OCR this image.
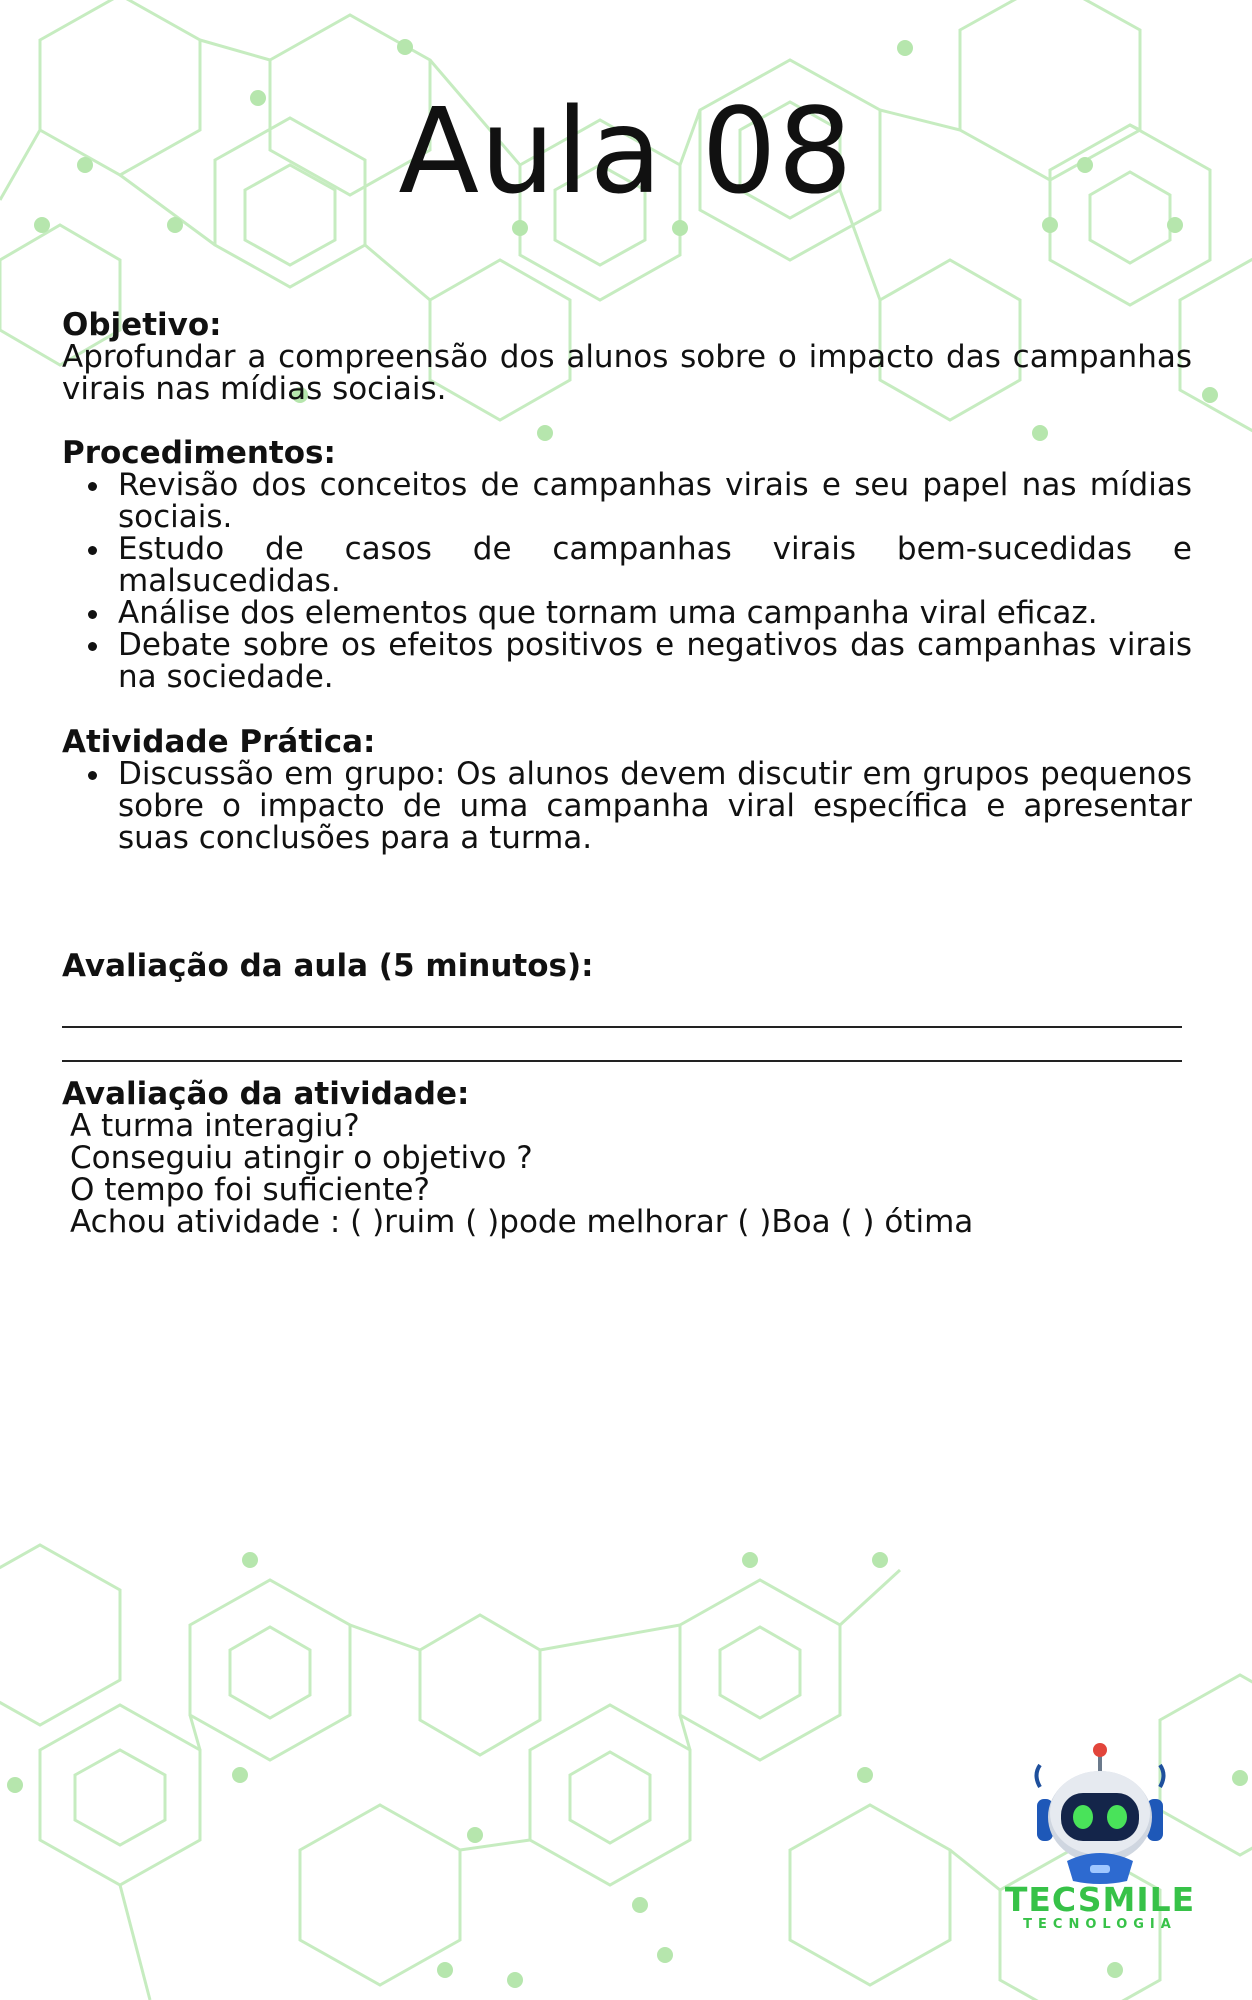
Aula 08

Objetivo:

Aprofundar a compreensão dos alunos sobre o impacto das campanhas virais nas mídias sociais.

Procedimentos:

Revisão dos conceitos de campanhas virais e seu papel nas mídias sociais.
Estudo de casos de campanhas virais bem-sucedidas e malsucedidas.
Análise dos elementos que tornam uma campanha viral eficaz.
Debate sobre os efeitos positivos e negativos das campanhas virais na sociedade.

Atividade Prática:

Discussão em grupo: Os alunos devem discutir em grupos pequenos sobre o impacto de uma campanha viral específica e apresentar suas conclusões para a turma.

Avaliação da aula (5 minutos):

Avaliação da atividade:

A turma interagiu?

Conseguiu atingir o objetivo ?

O tempo foi suficiente?

Achou atividade : ( )ruim ( )pode melhorar ( )Boa ( ) ótima

TECSMILE
TECNOLOGIA
